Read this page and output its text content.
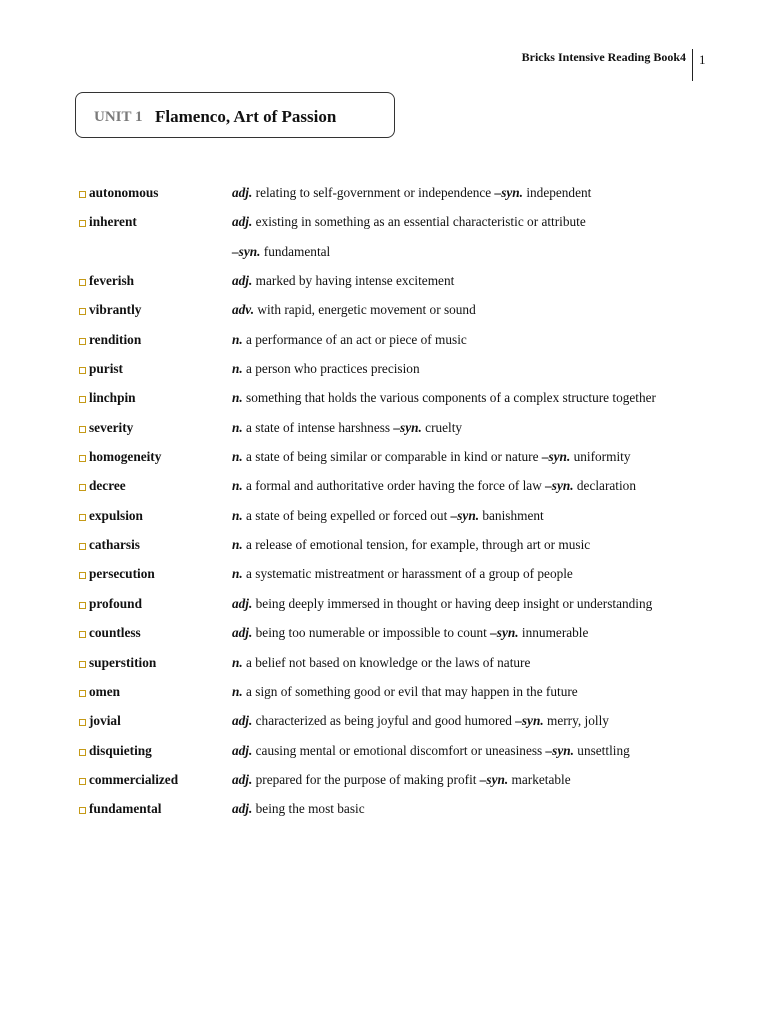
Bricks Intensive Reading Book4 1
UNIT 1 Flamenco, Art of Passion
autonomous	adj. relating to self-government or independence –syn. independent
inherent	adj. existing in something as an essential characteristic or attribute
–syn. fundamental
feverish	adj. marked by having intense excitement
vibrantly	adv. with rapid, energetic movement or sound
rendition	n. a performance of an act or piece of music
purist	n. a person who practices precision
linchpin	n. something that holds the various components of a complex structure together
severity	n. a state of intense harshness –syn. cruelty
homogeneity	n. a state of being similar or comparable in kind or nature –syn. uniformity
decree	n. a formal and authoritative order having the force of law –syn. declaration
expulsion	n. a state of being expelled or forced out –syn. banishment
catharsis	n. a release of emotional tension, for example, through art or music
persecution	n. a systematic mistreatment or harassment of a group of people
profound	adj. being deeply immersed in thought or having deep insight or understanding
countless	adj. being too numerable or impossible to count –syn. innumerable
superstition	n. a belief not based on knowledge or the laws of nature
omen	n. a sign of something good or evil that may happen in the future
jovial	adj. characterized as being joyful and good humored –syn. merry, jolly
disquieting	adj. causing mental or emotional discomfort or uneasiness –syn. unsettling
commercialized	adj. prepared for the purpose of making profit –syn. marketable
fundamental	adj. being the most basic
